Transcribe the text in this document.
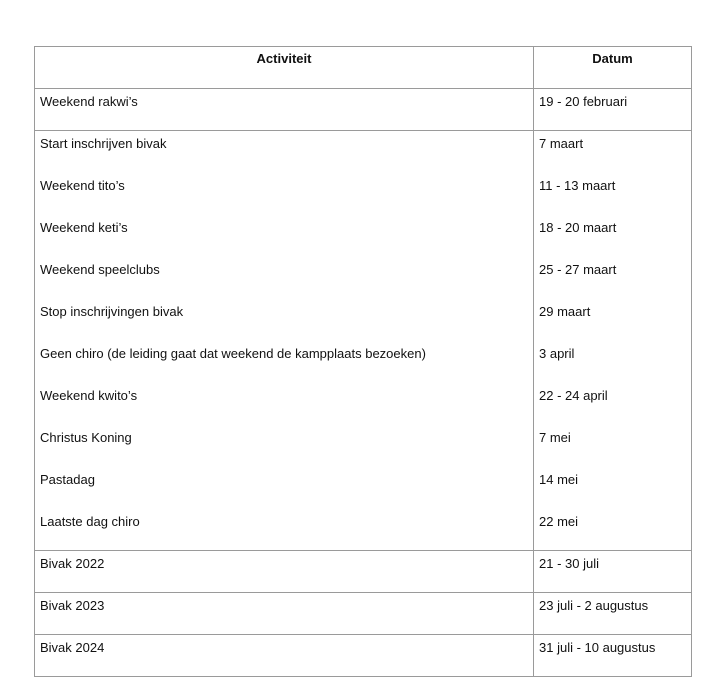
Activiteit	Datum
Weekend rakwi’s	19 - 20 februari
Start inschrijven bivak	7 maart
Weekend tito’s	11 - 13 maart
Weekend keti’s	18 - 20 maart
Weekend speelclubs	25 - 27 maart
Stop inschrijvingen bivak	29 maart
Geen chiro (de leiding gaat dat weekend de kampplaats bezoeken)	3 april
Weekend kwito’s	22 - 24 april
Christus Koning	7 mei
Pastadag	14 mei
Laatste dag chiro	22 mei
Bivak 2022	21 - 30 juli
Bivak 2023	23 juli - 2 augustus
Bivak 2024	31 juli - 10 augustus
